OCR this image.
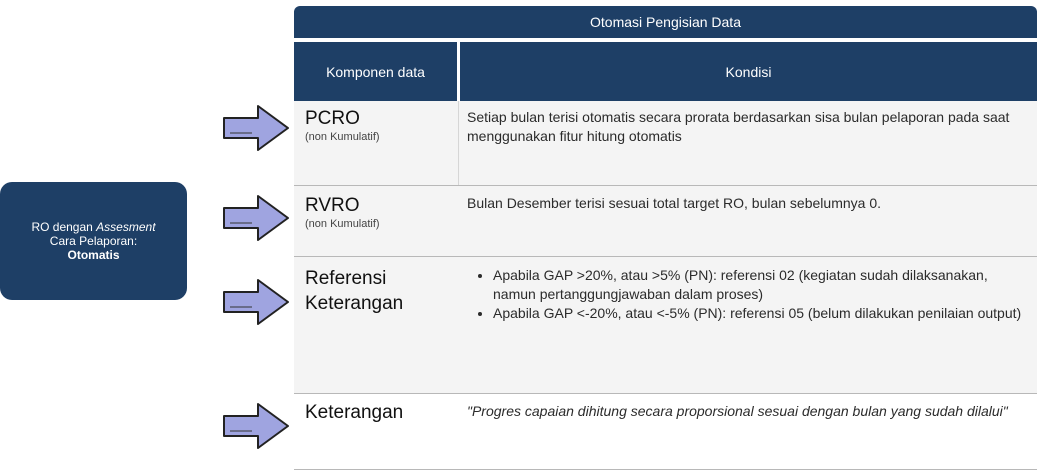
RO dengan Assesment
Cara Pelaporan:
Otomatis
Otomasi Pengisian Data
Komponen data	Kondisi
PCRO
(non Kumulatif)
Setiap bulan terisi otomatis secara prorata berdasarkan sisa bulan pelaporan pada saat menggunakan fitur hitung otomatis
RVRO
(non Kumulatif)
Bulan Desember terisi sesuai total target RO, bulan sebelumnya 0.
Referensi Keterangan
• Apabila GAP >20%, atau >5% (PN): referensi 02 (kegiatan sudah dilaksanakan, namun pertanggungjawaban dalam proses)
• Apabila GAP <-20%, atau <-5% (PN): referensi 05 (belum dilakukan penilaian output)
Keterangan	"Progres capaian dihitung secara proporsional sesuai dengan bulan yang sudah dilalui"
